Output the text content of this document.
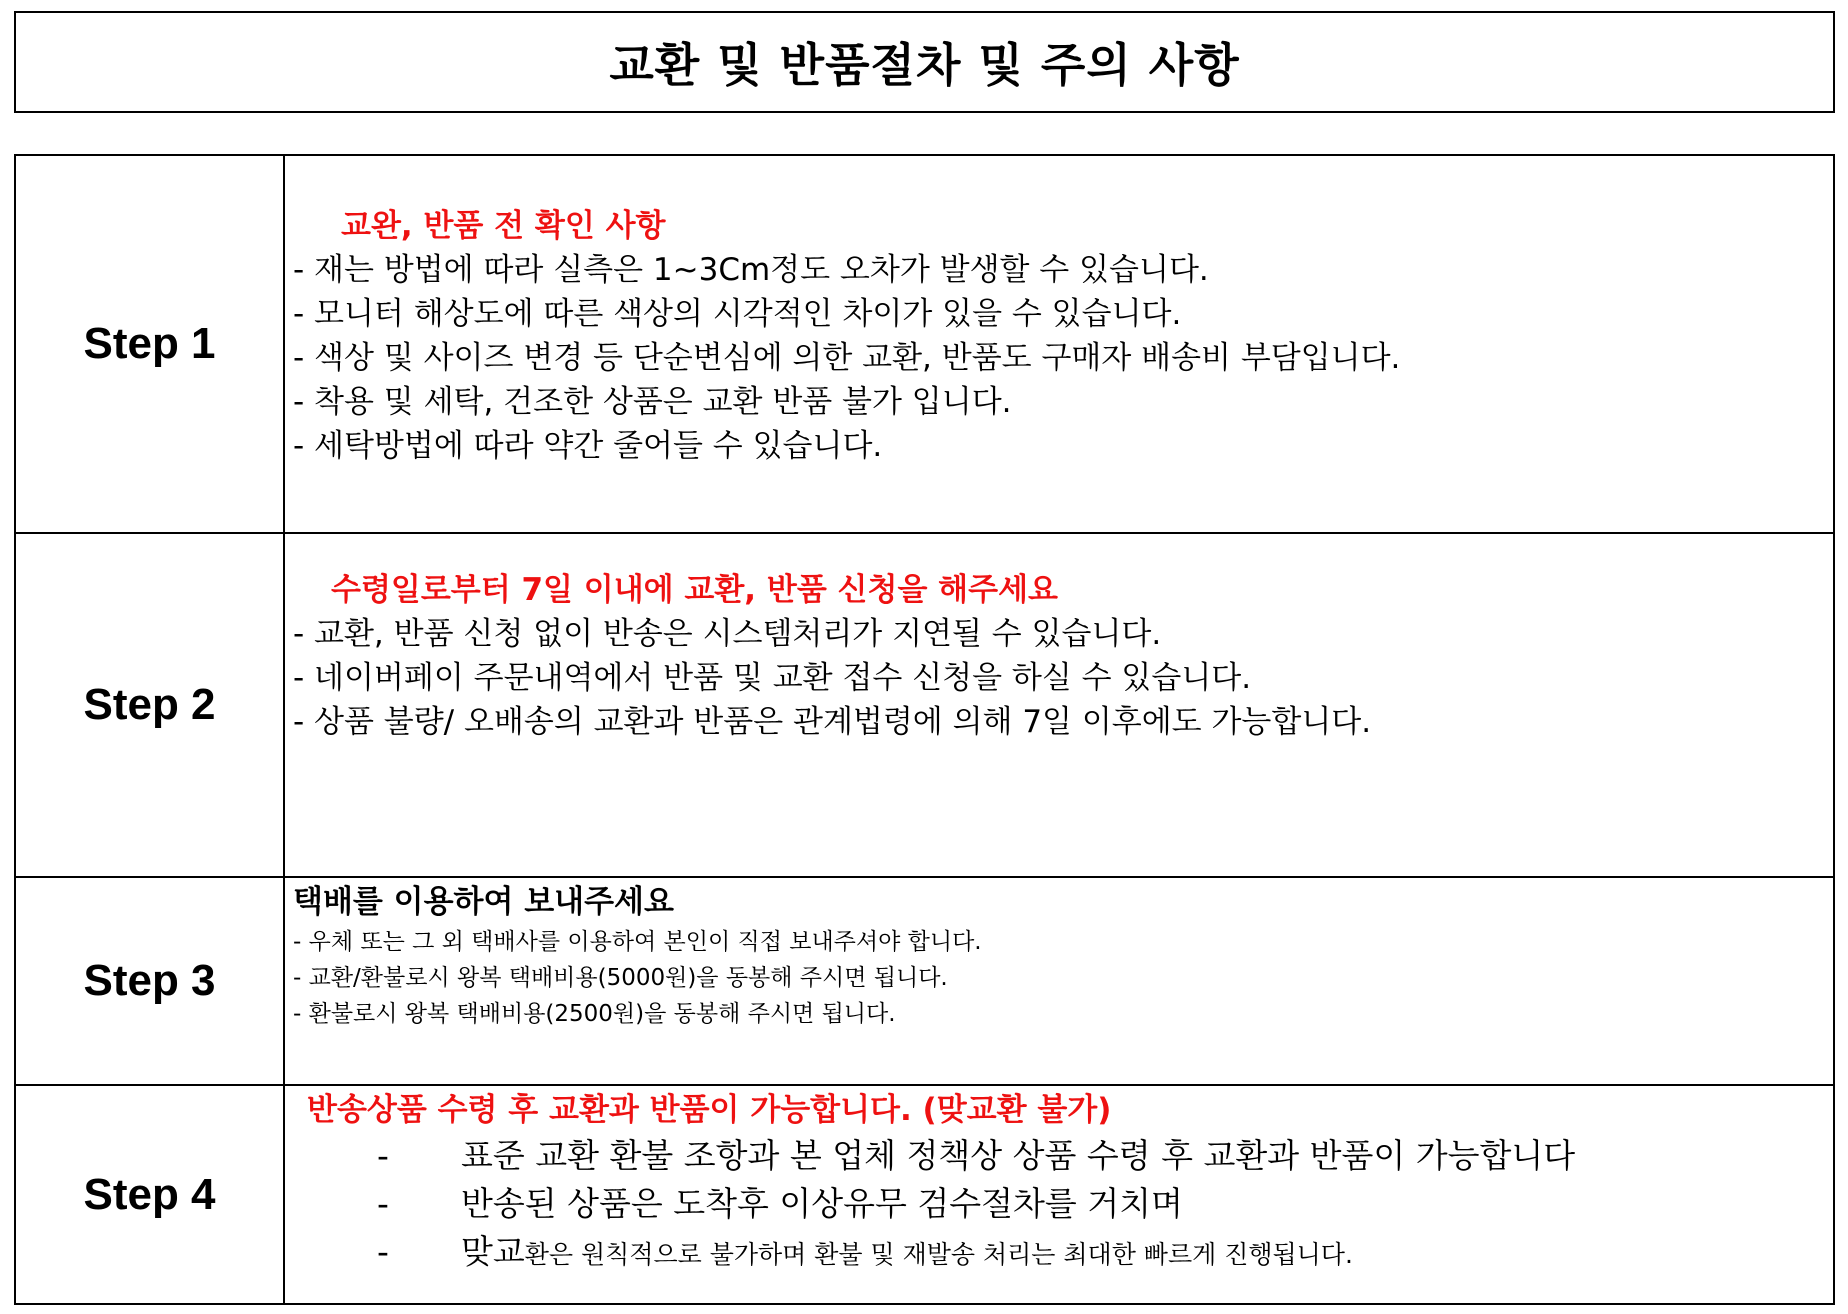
교환 및 반품절차 및 주의 사항
Step 1
교완, 반품 전 확인 사항
- 재는 방법에 따라 실측은 1~3Cm정도 오차가 발생할 수 있습니다.
- 모니터 해상도에 따른 색상의 시각적인 차이가 있을 수 있습니다.
- 색상 및 사이즈 변경 등 단순변심에 의한 교환, 반품도 구매자 배송비 부담입니다.
- 착용 및 세탁, 건조한 상품은 교환 반품 불가 입니다.
- 세탁방법에 따라 약간 줄어들 수 있습니다.
Step 2
수령일로부터 7일 이내에 교환, 반품 신청을 해주세요
- 교환, 반품 신청 없이 반송은 시스템처리가 지연될 수 있습니다.
- 네이버페이 주문내역에서 반품 및 교환 접수 신청을 하실 수 있습니다.
- 상품 불량/ 오배송의 교환과 반품은 관계법령에 의해 7일 이후에도 가능합니다.
Step 3
택배를 이용하여 보내주세요
- 우체 또는 그 외 택배사를 이용하여 본인이 직접 보내주셔야 합니다.
- 교환/환불로시 왕복 택배비용(5000원)을 동봉해 주시면 됩니다.
- 환불로시 왕복 택배비용(2500원)을 동봉해 주시면 됩니다.
Step 4
반송상품 수령 후 교환과 반품이 가능합니다. (맞교환 불가)
-	표준 교환 환불 조항과 본 업체 정책상 상품 수령 후 교환과 반품이 가능합니다
-	반송된 상품은 도착후 이상유무 검수절차를 거치며
-	맞교환은 원칙적으로 불가하며 환불 및 재발송 처리는 최대한 빠르게 진행됩니다.
